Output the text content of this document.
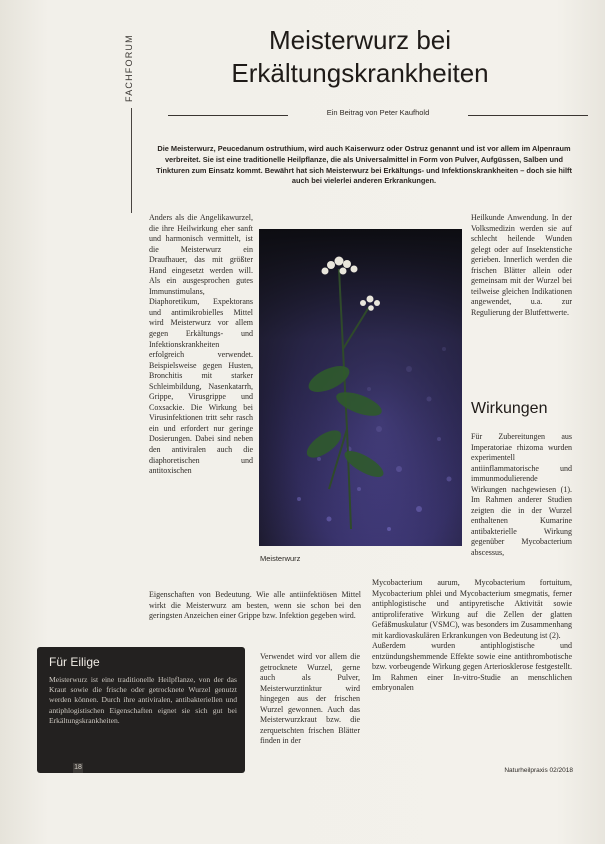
FACHFORUM	Meisterwurz bei Erkältungskrankheiten
Ein Beitrag von Peter Kaufhold
Die Meisterwurz, Peucedanum ostruthium, wird auch Kaiserwurz oder Ostruz genannt und ist vor allem im Alpenraum verbreitet. Sie ist eine traditionelle Heilpflanze, die als Universalmittel in Form von Pulver, Aufgüssen, Salben und Tinkturen zum Einsatz kommt. Bewährt hat sich Meisterwurz bei Erkältungs- und Infektionskrankheiten – doch sie hilft auch bei vielerlei anderen Erkrankungen.

Anders als die Angelikawurzel, die ihre Heilwirkung eher sanft und harmonisch vermittelt, ist die Meisterwurz ein Draufhauer, das mit größter Hand eingesetzt werden will. Als ein ausgesprochen gutes Immunstimulans, Diaphoretikum, Expektorans und antimikrobielles Mittel wird Meisterwurz vor allem gegen Erkältungs- und Infektionskrankheiten erfolgreich verwendet. Beispielsweise gegen Husten, Bronchitis mit starker Schleimbildung, Nasenkatarrh, Grippe, Virusgrippe und Coxsackie. Die Wirkung bei Virusinfektionen tritt sehr rasch ein und erfordert nur geringe Dosierungen. Dabei sind neben den antiviralen auch die diaphoretischen und antitoxischen

Meisterwurz

Heilkunde Anwendung. In der Volksmedizin werden sie auf schlecht heilende Wunden gelegt oder auf Insektenstiche gerieben. Innerlich werden die frischen Blätter allein oder gemeinsam mit der Wurzel bei teilweise gleichen Indikationen angewendet, u.a. zur Regulierung der Blutfettwerte.

Wirkungen

Für Zubereitungen aus Imperatoriae rhizoma wurden experimentell antiinflammatorische und immunmodulierende Wirkungen nachgewiesen (1). Im Rahmen anderer Studien zeigten die in der Wurzel enthaltenen Kumarine antibakterielle Wirkung gegenüber Mycobacterium abscessus,

Eigenschaften von Bedeutung. Wie alle antiinfektiösen Mittel wirkt die Meisterwurz am besten, wenn sie schon bei den geringsten Anzeichen einer Grippe bzw. Infektion gegeben wird.

Verwendet wird vor allem die getrocknete Wurzel, gerne auch als Pulver, Meisterwurztinktur wird hingegen aus der frischen Wurzel gewonnen. Auch das Meisterwurzkraut bzw. die zerquetschten frischen Blätter finden in der

Mycobacterium aurum, Mycobacterium fortuitum, Mycobacterium phlei und Mycobacterium smegmatis, ferner antiphlogistische und antipyretische Aktivität sowie antiproliferative Wirkung auf die Zellen der glatten Gefäßmuskulatur (VSMC), was besonders im Zusammenhang mit kardiovaskulären Erkrankungen von Bedeutung ist (2).
Außerdem wurden antiphlogistische und entzündungshemmende Effekte sowie eine antithrombotische bzw. vorbeugende Wirkung gegen Arteriosklerose festgestellt. Im Rahmen einer In-vitro-Studie an menschlichen embryonalen

Für Eilige

Meisterwurz ist eine traditionelle Heilpflanze, von der das Kraut sowie die frische oder getrocknete Wurzel genutzt werden können. Durch ihre antiviralen, antibakteriellen und antiphlogistischen Eigenschaften eignet sie sich gut bei Erkältungskrankheiten.

18	Naturheilpraxis 02/2018
